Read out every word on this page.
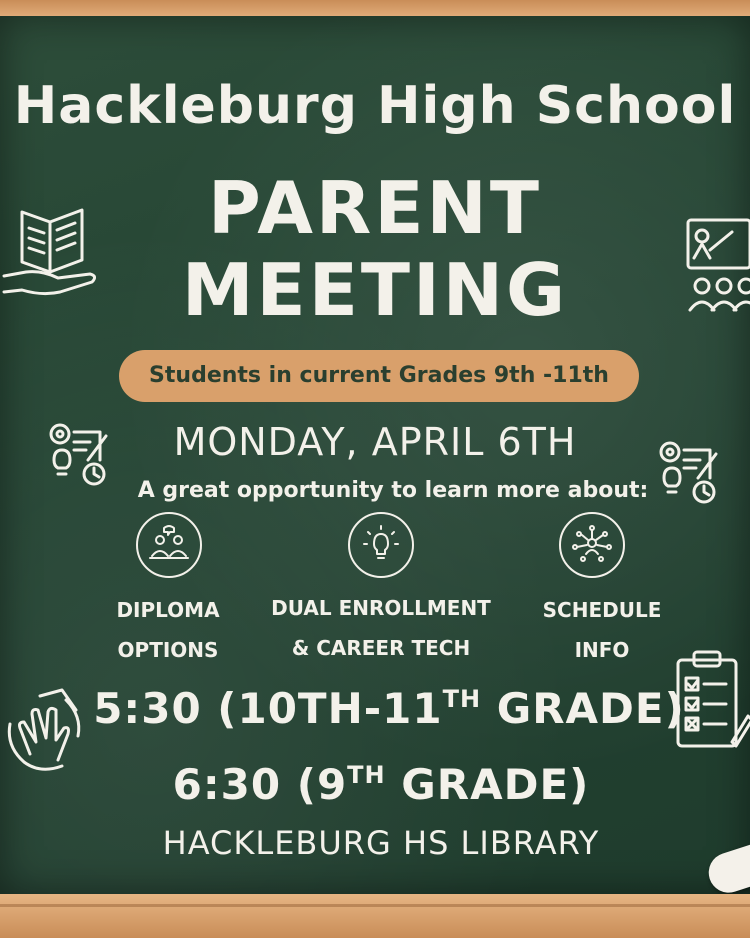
Hackleburg High School
PARENT
MEETING
Students in current Grades 9th -11th
MONDAY, APRIL 6TH
A great opportunity to learn more about:
DIPLOMA
OPTIONS
DUAL ENROLLMENT
& CAREER TECH
SCHEDULE
INFO
5:30 (10TH-11TH GRADE)
6:30 (9TH GRADE)
HACKLEBURG HS LIBRARY
